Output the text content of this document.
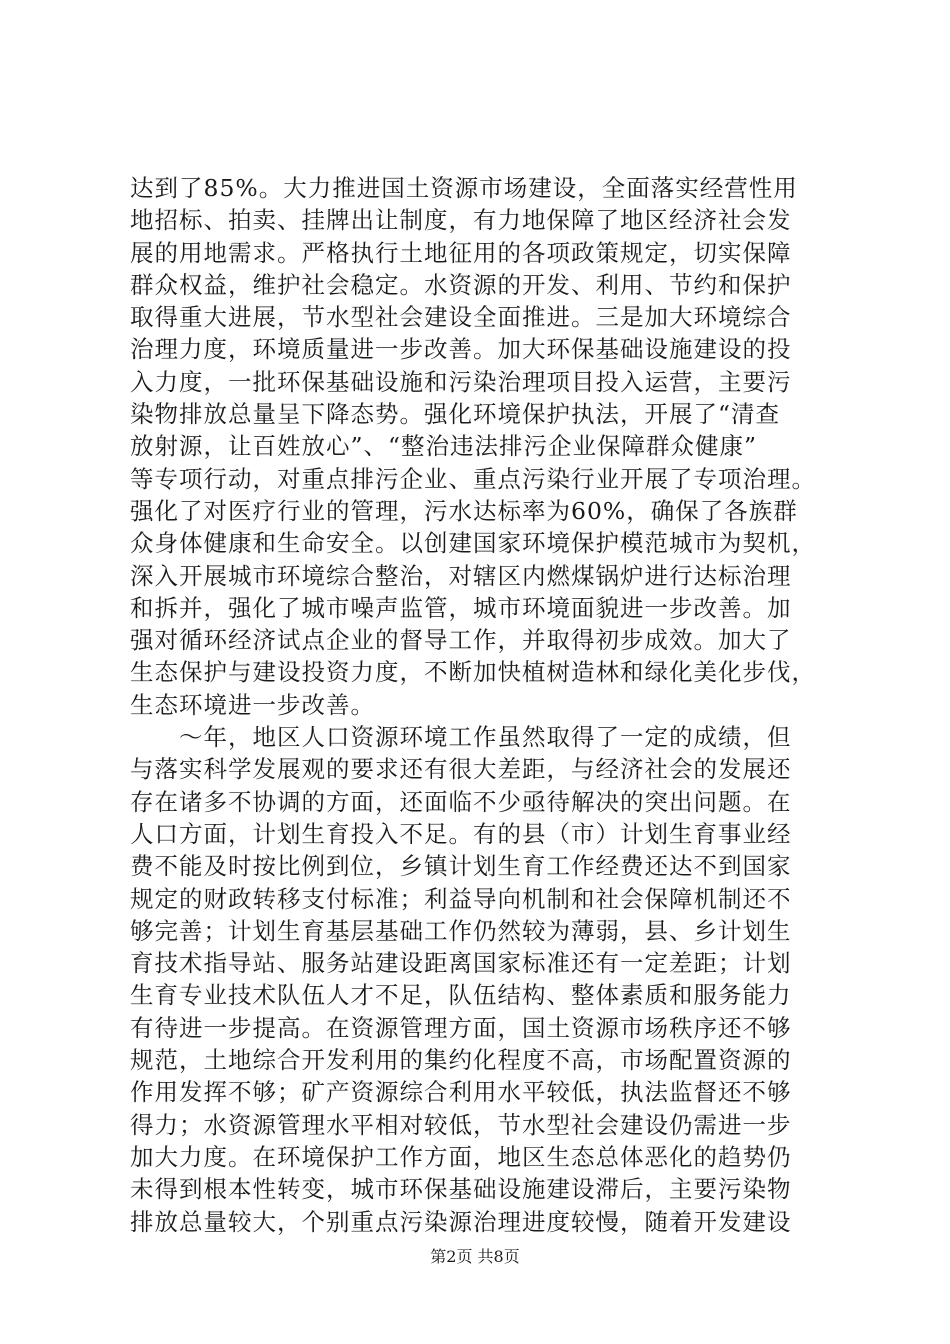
达到了85%。大力推进国土资源市场建设，全面落实经营性用
地招标、拍卖、挂牌出让制度，有力地保障了地区经济社会发
展的用地需求。严格执行土地征用的各项政策规定，切实保障
群众权益，维护社会稳定。水资源的开发、利用、节约和保护
取得重大进展，节水型社会建设全面推进。三是加大环境综合
治理力度，环境质量进一步改善。加大环保基础设施建设的投
入力度，一批环保基础设施和污染治理项目投入运营，主要污
染物排放总量呈下降态势。强化环境保护执法，开展了“清查
放射源，让百姓放心”、“整治违法排污企业保障群众健康”
等专项行动，对重点排污企业、重点污染行业开展了专项治理。
强化了对医疗行业的管理，污水达标率为60%，确保了各族群
众身体健康和生命安全。以创建国家环境保护模范城市为契机，
深入开展城市环境综合整治，对辖区内燃煤锅炉进行达标治理
和拆并，强化了城市噪声监管，城市环境面貌进一步改善。加
强对循环经济试点企业的督导工作，并取得初步成效。加大了
生态保护与建设投资力度，不断加快植树造林和绿化美化步伐，
生态环境进一步改善。
　　～年，地区人口资源环境工作虽然取得了一定的成绩，但
与落实科学发展观的要求还有很大差距，与经济社会的发展还
存在诸多不协调的方面，还面临不少亟待解决的突出问题。在
人口方面，计划生育投入不足。有的县（市）计划生育事业经
费不能及时按比例到位，乡镇计划生育工作经费还达不到国家
规定的财政转移支付标准；利益导向机制和社会保障机制还不
够完善；计划生育基层基础工作仍然较为薄弱，县、乡计划生
育技术指导站、服务站建设距离国家标准还有一定差距；计划
生育专业技术队伍人才不足，队伍结构、整体素质和服务能力
有待进一步提高。在资源管理方面，国土资源市场秩序还不够
规范，土地综合开发利用的集约化程度不高，市场配置资源的
作用发挥不够；矿产资源综合利用水平较低，执法监督还不够
得力；水资源管理水平相对较低，节水型社会建设仍需进一步
加大力度。在环境保护工作方面，地区生态总体恶化的趋势仍
未得到根本性转变，城市环保基础设施建设滞后，主要污染物
排放总量较大，个别重点污染源治理进度较慢，随着开发建设
第2页 共8页
